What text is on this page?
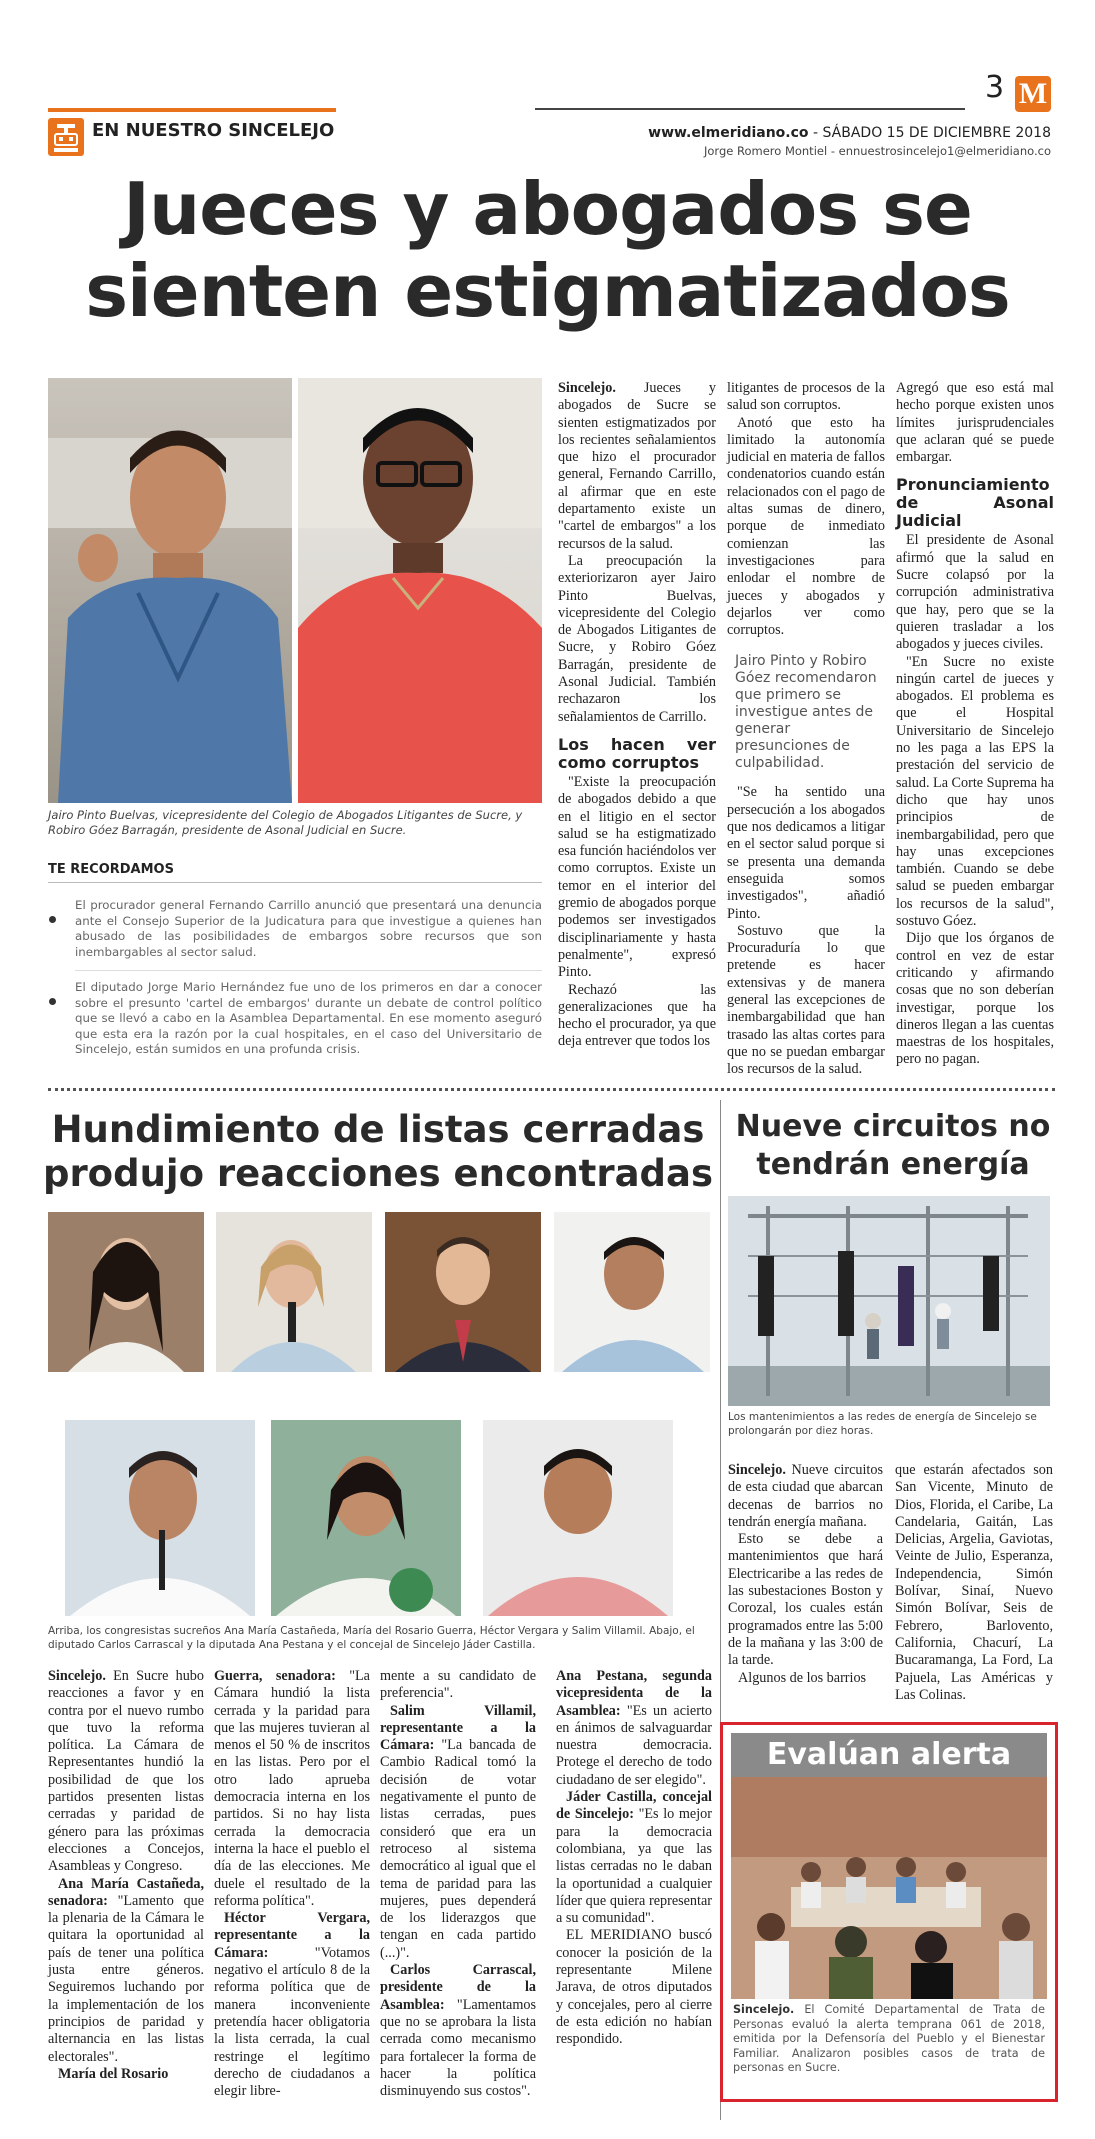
EN NUESTRO SINCELEJO
3 M
www.elmeridiano.co - SÁBADO 15 DE DICIEMBRE 2018
Jorge Romero Montiel - ennuestrosincelejo1@elmeridiano.co
Jueces y abogados se
sienten estigmatizados
Jairo Pinto Buelvas, vicepresidente del Colegio de Abogados Litigantes de Sucre, y Robiro Góez Barragán, presidente de Asonal Judicial en Sucre.
TE RECORDAMOS
El procurador general Fernando Carrillo anunció que presentará una denuncia ante el Consejo Superior de la Judicatura para que investigue a quienes han abusado de las posibilidades de embargos sobre recursos que son inembargables al sector salud.
El diputado Jorge Mario Hernández fue uno de los primeros en dar a conocer sobre el presunto 'cartel de embargos' durante un debate de control político que se llevó a cabo en la Asamblea Departamental. En ese momento aseguró que esta era la razón por la cual hospitales, en el caso del Universitario de Sincelejo, están sumidos en una profunda crisis.

Sincelejo. Jueces y abogados de Sucre se sienten estigmatizados por los recientes señalamientos que hizo el procurador general, Fernando Carrillo, al afirmar que en este departamento existe un "cartel de embargos" a los recursos de la salud.

La preocupación la exteriorizaron ayer Jairo Pinto Buelvas, vicepresidente del Colegio de Abogados Litigantes de Sucre, y Robiro Góez Barragán, presidente de Asonal Judicial. También rechazaron los señalamientos de Carrillo.

Los hacen ver como corruptos

"Existe la preocupación de abogados debido a que en el litigio en el sector salud se ha estigmatizado esa función haciéndolos ver como corruptos. Existe un temor en el interior del gremio de abogados porque podemos ser investigados disciplinariamente y hasta penalmente", expresó Pinto.

Rechazó las generalizaciones que ha hecho el procurador, ya que deja entrever que todos los

litigantes de procesos de la salud son corruptos.

Anotó que esto ha limitado la autonomía judicial en materia de fallos condenatorios cuando están relacionados con el pago de altas sumas de dinero, porque de inmediato comienzan las investigaciones para enlodar el nombre de jueces y abogados y dejarlos ver como corruptos.

Jairo Pinto y Robiro Góez recomendaron que primero se investigue antes de generar presunciones de culpabilidad.

"Se ha sentido una persecución a los abogados que nos dedicamos a litigar en el sector salud porque si se presenta una demanda enseguida somos investigados", añadió Pinto.

Sostuvo que la Procuraduría lo que pretende es hacer extensivas y de manera general las excepciones de inembargabilidad que han trasado las altas cortes para que no se puedan embargar los recursos de la salud.

Agregó que eso está mal hecho porque existen unos límites jurisprudenciales que aclaran qué se puede embargar.

Pronunciamiento de Asonal Judicial

El presidente de Asonal afirmó que la salud en Sucre colapsó por la corrupción administrativa que hay, pero que se la quieren trasladar a los abogados y jueces civiles.

"En Sucre no existe ningún cartel de jueces y abogados. El problema es que el Hospital Universitario de Sincelejo no les paga a las EPS la prestación del servicio de salud. La Corte Suprema ha dicho que hay unos principios de inembargabilidad, pero que hay unas excepciones también. Cuando se debe salud se pueden embargar los recursos de la salud", sostuvo Góez.

Dijo que los órganos de control en vez de estar criticando y afirmando cosas que no son deberían investigar, porque los dineros llegan a las cuentas maestras de los hospitales, pero no pagan.

Hundimiento de listas cerradas
produjo reacciones encontradas
Arriba, los congresistas sucreños Ana María Castañeda, María del Rosario Guerra, Héctor Vergara y Salim Villamil. Abajo, el diputado Carlos Carrascal y la diputada Ana Pestana y el concejal de Sincelejo Jáder Castilla.

Sincelejo. En Sucre hubo reacciones a favor y en contra por el nuevo rumbo que tuvo la reforma política. La Cámara de Representantes hundió la posibilidad de que los partidos presenten listas cerradas y paridad de género para las próximas elecciones a Concejos, Asambleas y Congreso.

Ana María Castañeda, senadora: "Lamento que la plenaria de la Cámara le quitara la oportunidad al país de tener una política justa entre géneros. Seguiremos luchando por la implementación de los principios de paridad y alternancia en las listas electorales".

María del Rosario

Guerra, senadora: "La Cámara hundió la lista cerrada y la paridad para que las mujeres tuvieran al menos el 50 % de inscritos en las listas. Pero por el otro lado aprueba democracia interna en los partidos. Si no hay lista cerrada la democracia interna la hace el pueblo el día de las elecciones. Me duele el resultado de la reforma política".

Héctor Vergara, representante a la Cámara: "Votamos negativo el artículo 8 de la reforma política que de manera inconveniente pretendía hacer obligatoria la lista cerrada, la cual restringe el legítimo derecho de ciudadanos a elegir libre-

mente a su candidato de preferencia".

Salim Villamil, representante a la Cámara: "La bancada de Cambio Radical tomó la decisión de votar negativamente el punto de listas cerradas, pues consideró que era un retroceso al sistema democrático al igual que el tema de paridad para las mujeres, pues dependerá de los liderazgos que tengan en cada partido (...)".

Carlos Carrascal, presidente de la Asamblea: "Lamentamos que no se aprobara la lista cerrada como mecanismo para fortalecer la forma de hacer la política disminuyendo sus costos".

Ana Pestana, segunda vicepresidenta de la Asamblea: "Es un acierto en ánimos de salvaguardar nuestra democracia. Protege el derecho de todo ciudadano de ser elegido".

Jáder Castilla, concejal de Sincelejo: "Es lo mejor para la democracia colombiana, ya que las listas cerradas no le daban la oportunidad a cualquier líder que quiera representar a su comunidad".

EL MERIDIANO buscó conocer la posición de la representante Milene Jarava, de otros diputados y concejales, pero al cierre de esta edición no habían respondido.

Nueve circuitos no
tendrán energía
Los mantenimientos a las redes de energía de Sincelejo se prolongarán por diez horas.

Sincelejo. Nueve circuitos de esta ciudad que abarcan decenas de barrios no tendrán energía mañana.

Esto se debe a mantenimientos que hará Electricaribe a las redes de las subestaciones Boston y Corozal, los cuales están programados entre las 5:00 de la mañana y las 3:00 de la tarde.

Algunos de los barrios

que estarán afectados son San Vicente, Minuto de Dios, Florida, el Caribe, La Candelaria, Gaitán, Las Delicias, Argelia, Gaviotas, Veinte de Julio, Esperanza, Independencia, Simón Bolívar, Sinaí, Nuevo Simón Bolívar, Seis de Febrero, Barlovento, California, Chacurí, La Bucaramanga, La Ford, La Pajuela, Las Américas y Las Colinas.

Evalúan alerta
Sincelejo. El Comité Departamental de Trata de Personas evaluó la alerta temprana 061 de 2018, emitida por la Defensoría del Pueblo y el Bienestar Familiar. Analizaron posibles casos de trata de personas en Sucre.
